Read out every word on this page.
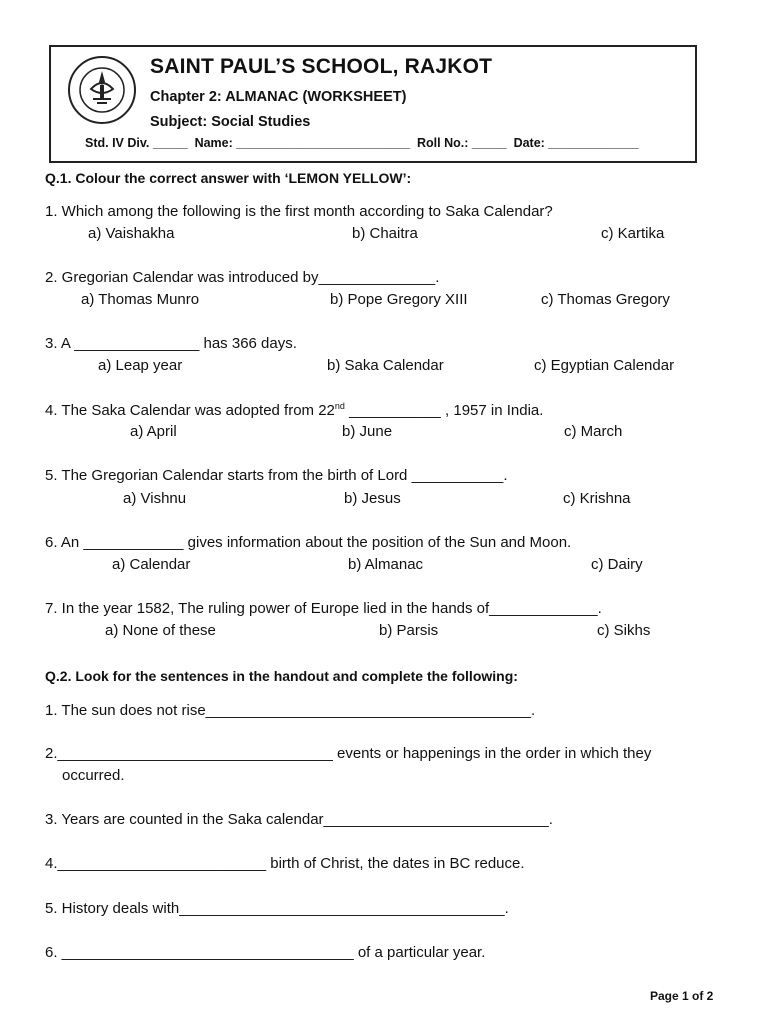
SAINT PAUL’S SCHOOL, RAJKOT
Chapter 2: ALMANAC (WORKSHEET)
Subject: Social Studies
Std. IV Div. _____ Name: _________________________ Roll No.: _____ Date: _____________
Q.1. Colour the correct answer with ‘LEMON YELLOW’:
1. Which among the following is the first month according to Saka Calendar?
a) Vaishakha	b) Chaitra	c) Kartika
2. Gregorian Calendar was introduced by______________.
a) Thomas Munro	b) Pope Gregory XIII	c) Thomas Gregory
3. A _______________ has 366 days.
a) Leap year	b) Saka Calendar	c) Egyptian Calendar
4. The Saka Calendar was adopted from 22nd ___________ , 1957 in India.
a) April	b) June	c) March
5. The Gregorian Calendar starts from the birth of Lord ___________.
a) Vishnu	b) Jesus	c) Krishna
6. An ____________ gives information about the position of the Sun and Moon.
a) Calendar	b) Almanac	c) Dairy
7. In the year 1582, The ruling power of Europe lied in the hands of_____________.
a) None of these	b) Parsis	c) Sikhs
Q.2. Look for the sentences in the handout and complete the following:
1. The sun does not rise_______________________________________.
2._________________________________ events or happenings in the order in which they
occurred.
3. Years are counted in the Saka calendar___________________________.
4._________________________ birth of Christ, the dates in BC reduce.
5. History deals with_______________________________________.
6. ___________________________________ of a particular year.
Page 1 of 2
